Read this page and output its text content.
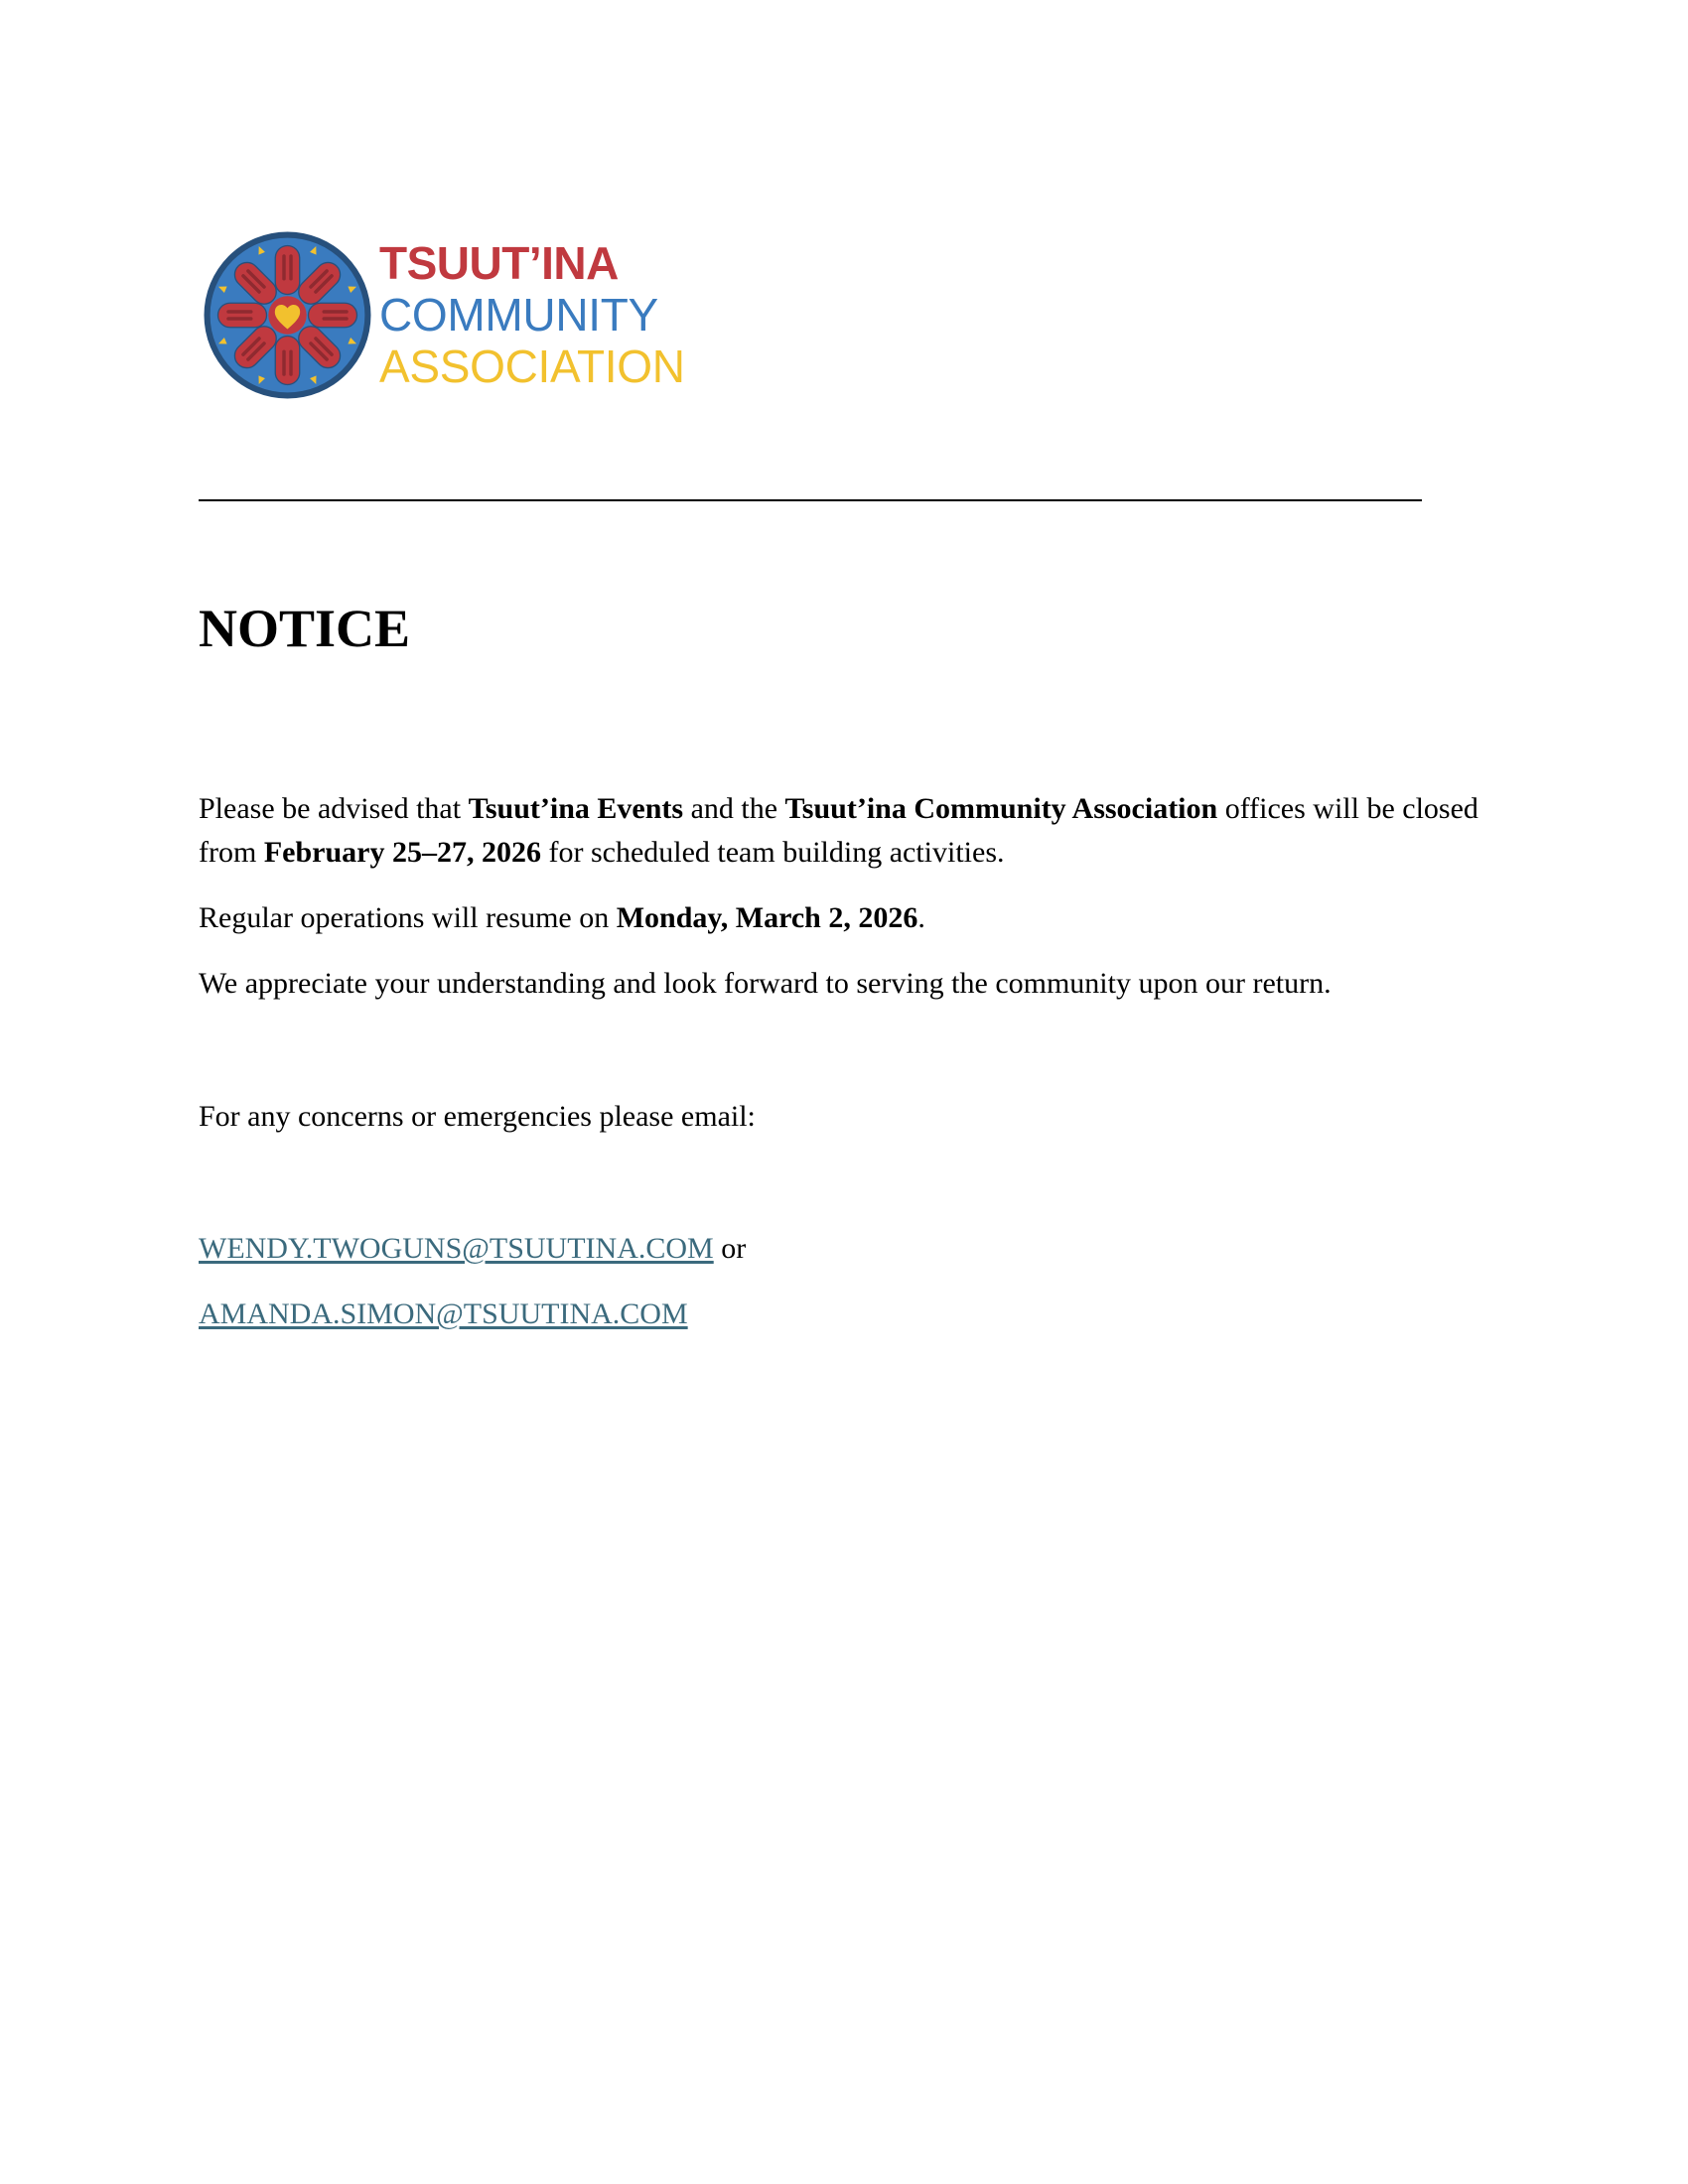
TSUUT’INA
COMMUNITY
ASSOCIATION
NOTICE

Please be advised that Tsuut’ina Events and the Tsuut’ina Community Association offices will be closed from February 25–27, 2026 for scheduled team building activities.

Regular operations will resume on Monday, March 2, 2026.

We appreciate your understanding and look forward to serving the community upon our return.

For any concerns or emergencies please email:

WENDY.TWOGUNS@TSUUTINA.COM or

AMANDA.SIMON@TSUUTINA.COM
